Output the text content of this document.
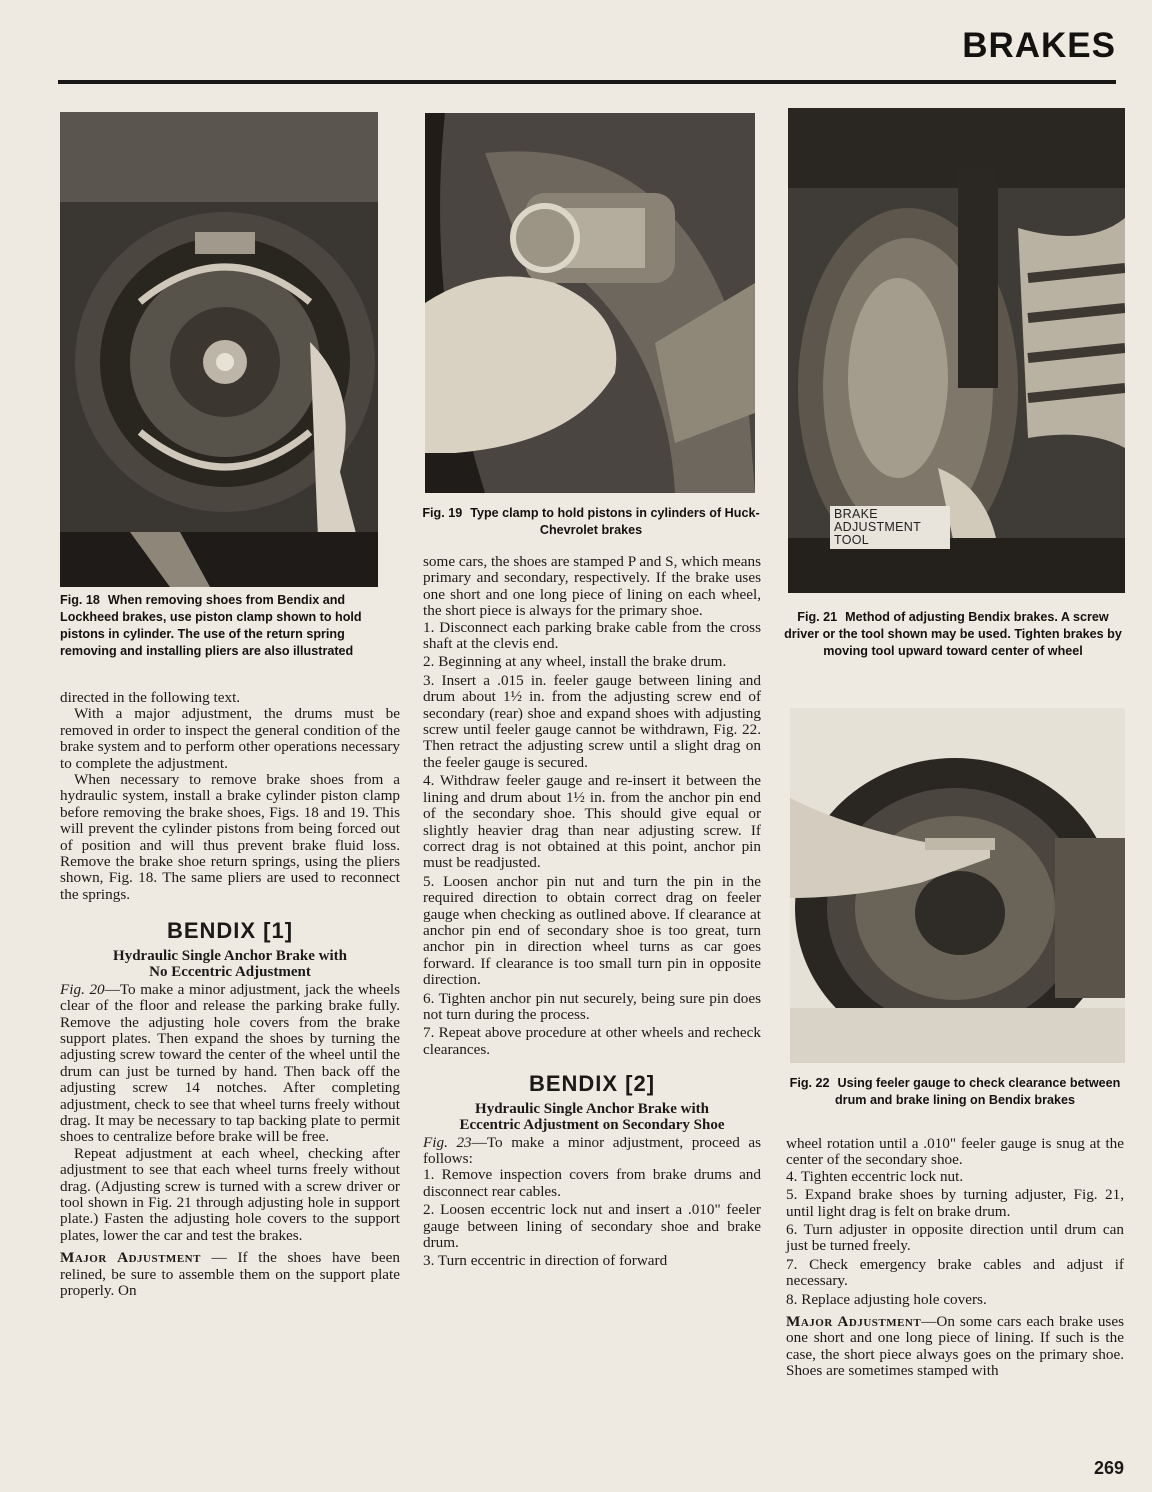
BRAKES
BRAKE
ADJUSTMENT
TOOL
Fig. 18 When removing shoes from Bendix and Lockheed brakes, use piston clamp shown to hold pistons in cylinder. The use of the return spring removing and installing pliers are also illustrated
Fig. 19 Type clamp to hold pistons in cylinders of Huck-Chevrolet brakes
Fig. 21 Method of adjusting Bendix brakes. A screw driver or the tool shown may be used. Tighten brakes by moving tool upward toward center of wheel
Fig. 22 Using feeler gauge to check clearance between drum and brake lining on Bendix brakes

directed in the following text.

With a major adjustment, the drums must be removed in order to inspect the general condition of the brake system and to perform other operations necessary to complete the adjustment.

When necessary to remove brake shoes from a hydraulic system, install a brake cylinder piston clamp before removing the brake shoes, Figs. 18 and 19. This will prevent the cylinder pistons from being forced out of position and will thus prevent brake fluid loss. Remove the brake shoe return springs, using the pliers shown, Fig. 18. The same pliers are used to reconnect the springs.

BENDIX [1]
Hydraulic Single Anchor Brake with
No Eccentric Adjustment

Fig. 20—To make a minor adjustment, jack the wheels clear of the floor and release the parking brake fully. Remove the adjusting hole covers from the brake support plates. Then expand the shoes by turning the adjusting screw toward the center of the wheel until the drum can just be turned by hand. Then back off the adjusting screw 14 notches. After completing adjustment, check to see that wheel turns freely without drag. It may be necessary to tap backing plate to permit shoes to centralize before brake will be free.

Repeat adjustment at each wheel, checking after adjustment to see that each wheel turns freely without drag. (Adjusting screw is turned with a screw driver or tool shown in Fig. 21 through adjusting hole in support plate.) Fasten the adjusting hole covers to the support plates, lower the car and test the brakes.

Major Adjustment — If the shoes have been relined, be sure to assemble them on the support plate properly. On

some cars, the shoes are stamped P and S, which means primary and secondary, respectively. If the brake uses one short and one long piece of lining on each wheel, the short piece is always for the primary shoe.

1. Disconnect each parking brake cable from the cross shaft at the clevis end.

2. Beginning at any wheel, install the brake drum.

3. Insert a .015 in. feeler gauge between lining and drum about 1½ in. from the adjusting screw end of secondary (rear) shoe and expand shoes with adjusting screw until feeler gauge cannot be withdrawn, Fig. 22. Then retract the adjusting screw until a slight drag on the feeler gauge is secured.

4. Withdraw feeler gauge and re-insert it between the lining and drum about 1½ in. from the anchor pin end of the secondary shoe. This should give equal or slightly heavier drag than near adjusting screw. If correct drag is not obtained at this point, anchor pin must be readjusted.

5. Loosen anchor pin nut and turn the pin in the required direction to obtain correct drag on feeler gauge when checking as outlined above. If clearance at anchor pin end of secondary shoe is too great, turn anchor pin in direction wheel turns as car goes forward. If clearance is too small turn pin in opposite direction.

6. Tighten anchor pin nut securely, being sure pin does not turn during the process.

7. Repeat above procedure at other wheels and recheck clearances.

BENDIX [2]
Hydraulic Single Anchor Brake with
Eccentric Adjustment on Secondary Shoe

Fig. 23—To make a minor adjustment, proceed as follows:

1. Remove inspection covers from brake drums and disconnect rear cables.

2. Loosen eccentric lock nut and insert a .010" feeler gauge between lining of secondary shoe and brake drum.

3. Turn eccentric in direction of forward

wheel rotation until a .010" feeler gauge is snug at the center of the secondary shoe.

4. Tighten eccentric lock nut.

5. Expand brake shoes by turning adjuster, Fig. 21, until light drag is felt on brake drum.

6. Turn adjuster in opposite direction until drum can just be turned freely.

7. Check emergency brake cables and adjust if necessary.

8. Replace adjusting hole covers.

Major Adjustment—On some cars each brake uses one short and one long piece of lining. If such is the case, the short piece always goes on the primary shoe. Shoes are sometimes stamped with

269
